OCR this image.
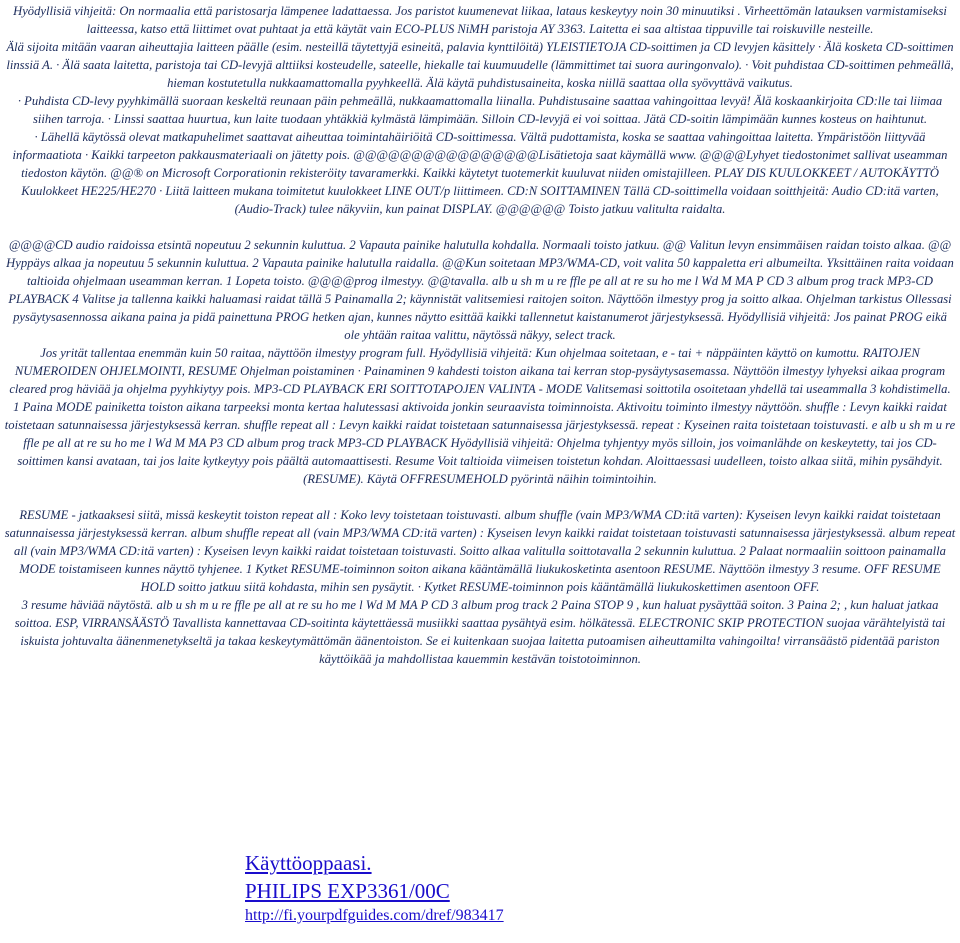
Hyödyllisiä vihjeitä: On normaalia että paristosarja lämpenee ladattaessa. Jos paristot kuumenevat liikaa, lataus keskeytyy noin 30 minuutiksi . Virheettömän latauksen varmistamiseksi laitteessa, katso että liittimet ovat puhtaat ja että käytät vain ECO-PLUS NiMH paristoja AY 3363. Laitetta ei saa altistaa tippuville tai roiskuville nesteille.

Älä sijoita mitään vaaran aiheuttajia laitteen päälle (esim. nesteillä täytettyjä esineitä, palavia kynttilöitä) YLEISTIETOJA CD-soittimen ja CD levyjen käsittely · Älä kosketa CD-soittimen linssiä A. · Älä saata laitetta, paristoja tai CD-levyjä alttiiksi kosteudelle, sateelle, hiekalle tai kuumuudelle (lämmittimet tai suora auringonvalo). · Voit puhdistaa CD-soittimen pehmeällä, hieman kostutetulla nukkaamattomalla pyyhkeellä. Älä käytä puhdistusaineita, koska niillä saattaa olla syövyttävä vaikutus.

· Puhdista CD-levy pyyhkimällä suoraan keskeltä reunaan päin pehmeällä, nukkaamattomalla liinalla. Puhdistusaine saattaa vahingoittaa levyä! Älä koskaankirjoita CD:lle tai liimaa siihen tarroja. · Linssi saattaa huurtua, kun laite tuodaan yhtäkkiä kylmästä lämpimään. Silloin CD-levyjä ei voi soittaa. Jätä CD-soitin lämpimään kunnes kosteus on haihtunut.

· Lähellä käytössä olevat matkapuhelimet saattavat aiheuttaa toimintahäiriöitä CD-soittimessa. Vältä pudottamista, koska se saattaa vahingoittaa laitetta. Ympäristöön liittyvää informaatiota · Kaikki tarpeeton pakkausmateriaali on jätetty pois. @@@@@@@@@@@@@@@@Lisätietoja saat käymällä www. @@@@Lyhyet tiedostonimet sallivat useamman tiedoston käytön. @@® on Microsoft Corporationin rekisteröity tavaramerkki. Kaikki käytetyt tuotemerkit kuuluvat niiden omistajilleen. PLAY DIS KUULOKKEET / AUTOKÄYTTÖ Kuulokkeet HE225/HE270 · Liitä laitteen mukana toimitetut kuulokkeet LINE OUT/p liittimeen. CD:N SOITTAMINEN Tällä CD-soittimella voidaan soitthjeitä: Audio CD:itä varten, (Audio-Track) tulee näkyviin, kun painat DISPLAY. @@@@@@ Toisto jatkuu valitulta raidalta.

@@@@CD audio raidoissa etsintä nopeutuu 2 sekunnin kuluttua. 2 Vapauta painike halutulla kohdalla. Normaali toisto jatkuu. @@ Valitun levyn ensimmäisen raidan toisto alkaa. @@ Hyppäys alkaa ja nopeutuu 5 sekunnin kuluttua. 2 Vapauta painike halutulla raidalla. @@Kun soitetaan MP3/WMA-CD, voit valita 50 kappaletta eri albumeilta. Yksittäinen raita voidaan taltioida ohjelmaan useamman kerran. 1 Lopeta toisto. @@@@prog ilmestyy. @@tavalla. alb u sh m u re ffle pe all at re su ho me l Wd M MA P CD 3 album prog track MP3-CD PLAYBACK 4 Valitse ja tallenna kaikki haluamasi raidat tällä 5 Painamalla 2; käynnistät valitsemiesi raitojen soiton. Näyttöön ilmestyy prog ja soitto alkaa. Ohjelman tarkistus Ollessasi pysäytysasennossa aikana paina ja pidä painettuna PROG hetken ajan, kunnes näytto esittää kaikki tallennetut kaistanumerot järjestyksessä. Hyödyllisiä vihjeitä: Jos painat PROG eikä ole yhtään raitaa valittu, näytössä näkyy, select track.

Jos yrität tallentaa enemmän kuin 50 raitaa, näyttöön ilmestyy program full. Hyödyllisiä vihjeitä: Kun ohjelmaa soitetaan, e - tai + näppäinten käyttö on kumottu. RAITOJEN NUMEROIDEN OHJELMOINTI, RESUME Ohjelman poistaminen · Painaminen 9 kahdesti toiston aikana tai kerran stop-pysäytysasemassa. Näyttöön ilmestyy lyhyeksi aikaa program cleared prog häviää ja ohjelma pyyhkiytyy pois. MP3-CD PLAYBACK ERI SOITTOTAPOJEN VALINTA - MODE Valitsemasi soittotila osoitetaan yhdellä tai useammalla 3 kohdistimella.

1 Paina MODE painiketta toiston aikana tarpeeksi monta kertaa halutessasi aktivoida jonkin seuraavista toiminnoista. Aktivoitu toiminto ilmestyy näyttöön. shuffle : Levyn kaikki raidat toistetaan satunnaisessa järjestyksessä kerran. shuffle repeat all : Levyn kaikki raidat toistetaan satunnaisessa järjestyksessä. repeat : Kyseinen raita toistetaan toistuvasti. e alb u sh m u re ffle pe all at re su ho me l Wd M MA P3 CD album prog track MP3-CD PLAYBACK Hyödyllisiä vihjeitä: Ohjelma tyhjentyy myös silloin, jos voimanlähde on keskeytetty, tai jos CD-soittimen kansi avataan, tai jos laite kytkeytyy pois päältä automaattisesti. Resume Voit taltioida viimeisen toistetun kohdan. Aloittaessasi uudelleen, toisto alkaa siitä, mihin pysähdyit.(RESUME). Käytä OFFRESUMEHOLD pyörintä näihin toimintoihin.

RESUME - jatkaaksesi siitä, missä keskeytit toiston repeat all : Koko levy toistetaan toistuvasti. album shuffle (vain MP3/WMA CD:itä varten): Kyseisen levyn kaikki raidat toistetaan satunnaisessa järjestyksessä kerran. album shuffle repeat all (vain MP3/WMA CD:itä varten) : Kyseisen levyn kaikki raidat toistetaan toistuvasti satunnaisessa järjestyksessä. album repeat all (vain MP3/WMA CD:itä varten) : Kyseisen levyn kaikki raidat toistetaan toistuvasti. Soitto alkaa valitulla soittotavalla 2 sekunnin kuluttua. 2 Palaat normaaliin soittoon painamalla MODE toistamiseen kunnes näyttö tyhjenee. 1 Kytket RESUME-toiminnon soiton aikana kääntämällä liukukosketinta asentoon RESUME. Näyttöön ilmestyy 3 resume. OFF RESUME HOLD soitto jatkuu siitä kohdasta, mihin sen pysäytit. · Kytket RESUME-toiminnon pois kääntämällä liukukoskettimen asentoon OFF.

3 resume häviää näytöstä. alb u sh m u re ffle pe all at re su ho me l Wd M MA P CD 3 album prog track 2 Paina STOP 9 , kun haluat pysäyttää soiton. 3 Paina 2; , kun haluat jatkaa soittoa. ESP, VIRRANSÄÄSTÖ Tavallista kannettavaa CD-soitinta käytettäessä musiikki saattaa pysähtyä esim. hölkätessä. ELECTRONIC SKIP PROTECTION suojaa värähtelyistä tai iskuista johtuvalta äänenmenetykseltä ja takaa keskeytymättömän äänentoiston. Se ei kuitenkaan suojaa laitetta putoamisen aiheuttamilta vahingoilta! virransäästö pidentää pariston käyttöikää ja mahdollistaa kauemmin kestävän toistotoiminnon.

Käyttöoppaasi.
PHILIPS EXP3361/00C
http://fi.yourpdfguides.com/dref/983417
